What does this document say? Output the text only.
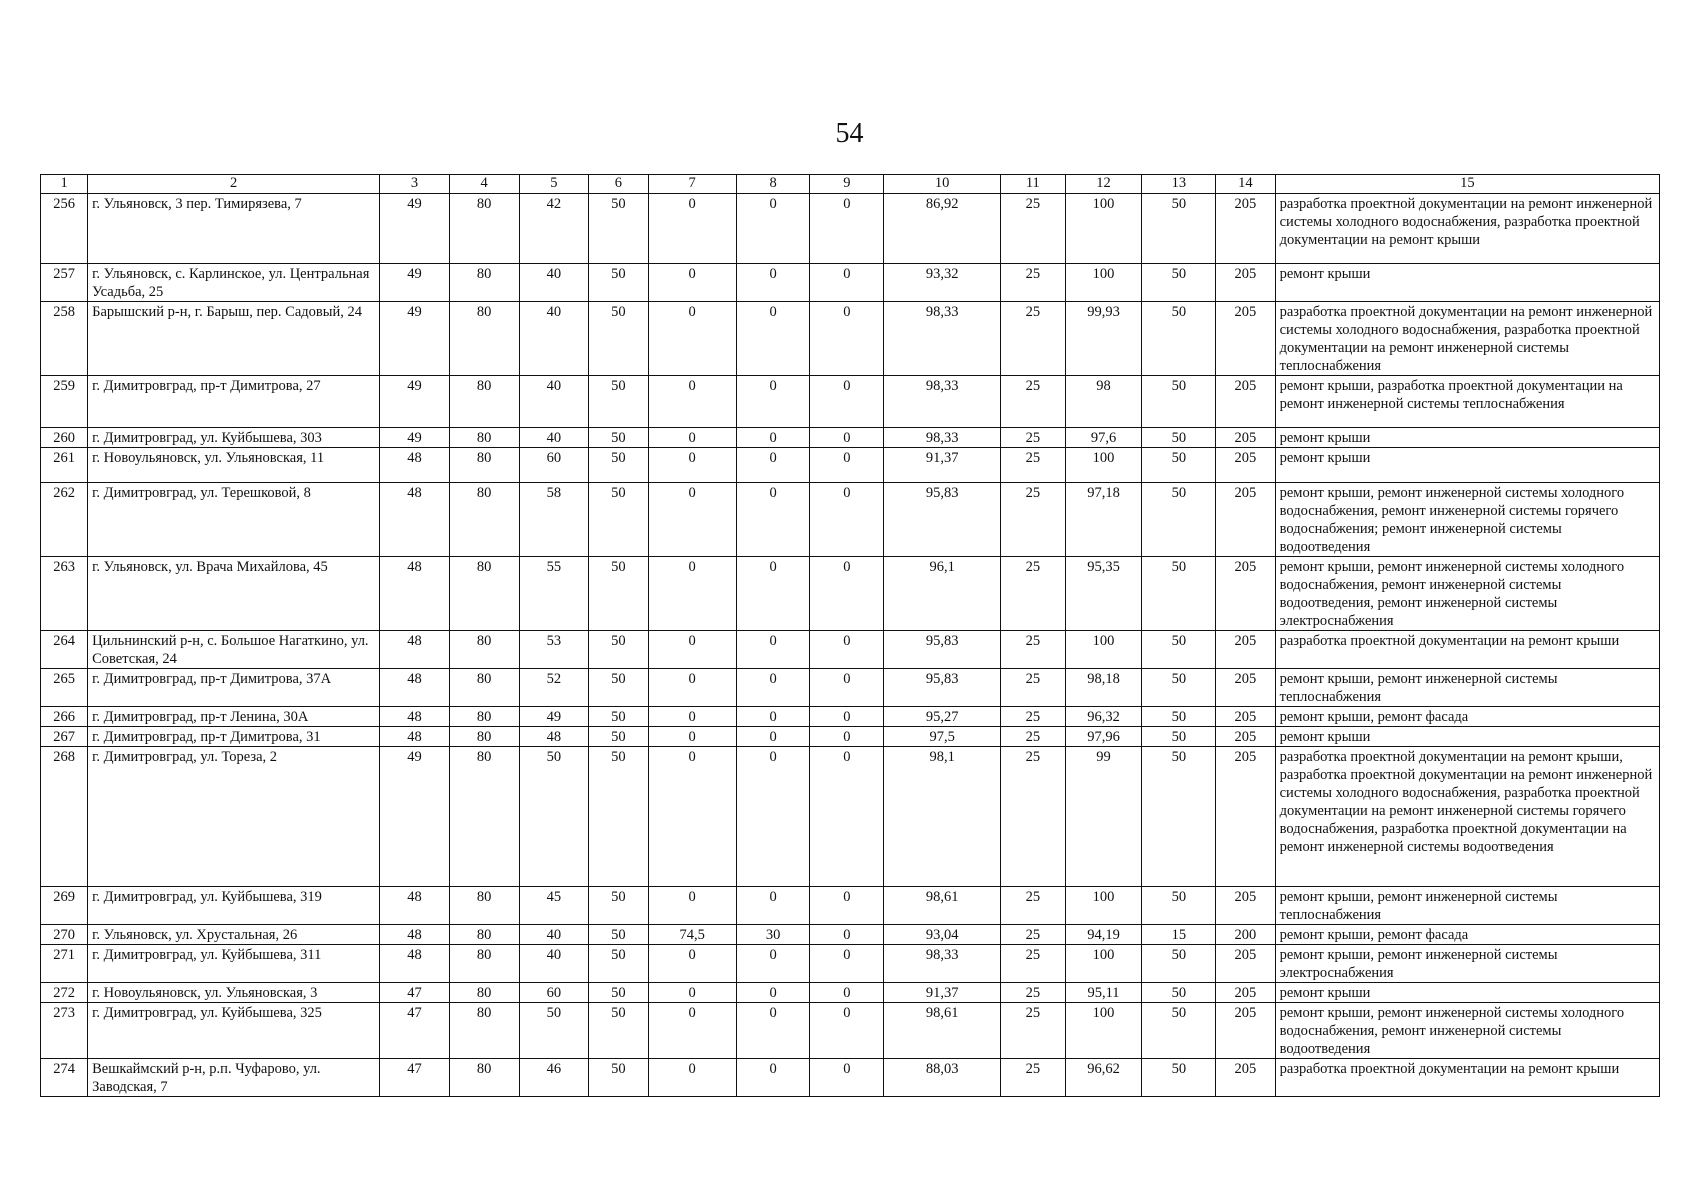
54
1	2	3	4	5	6	7	8	9	10	11	12	13	14	15
256	г. Ульяновск, 3 пер. Тимирязева, 7	49	80	42	50	0	0	0	86,92	25	100	50	205	разработка проектной документации на ремонт инженерной системы холодного водоснабжения, разработка проектной документации на ремонт крыши
257	г. Ульяновск, с. Карлинское, ул. Центральная Усадьба, 25	49	80	40	50	0	0	0	93,32	25	100	50	205	ремонт крыши
258	Барышский р-н, г. Барыш, пер. Садовый, 24	49	80	40	50	0	0	0	98,33	25	99,93	50	205	разработка проектной документации на ремонт инженерной системы холодного водоснабжения, разработка проектной документации на ремонт инженерной системы теплоснабжения
259	г. Димитровград, пр-т Димитрова, 27	49	80	40	50	0	0	0	98,33	25	98	50	205	ремонт крыши, разработка проектной документации на ремонт инженерной системы теплоснабжения
260	г. Димитровград, ул. Куйбышева, 303	49	80	40	50	0	0	0	98,33	25	97,6	50	205	ремонт крыши
261	г. Новоульяновск, ул. Ульяновская, 11	48	80	60	50	0	0	0	91,37	25	100	50	205	ремонт крыши
262	г. Димитровград, ул. Терешковой, 8	48	80	58	50	0	0	0	95,83	25	97,18	50	205	ремонт крыши, ремонт инженерной системы холодного водоснабжения, ремонт инженерной системы горячего водоснабжения; ремонт инженерной системы водоотведения
263	г. Ульяновск, ул. Врача Михайлова, 45	48	80	55	50	0	0	0	96,1	25	95,35	50	205	ремонт крыши, ремонт инженерной системы холодного водоснабжения, ремонт инженерной системы водоотведения, ремонт инженерной системы электроснабжения
264	Цильнинский р-н, с. Большое Нагаткино, ул. Советская, 24	48	80	53	50	0	0	0	95,83	25	100	50	205	разработка проектной документации на ремонт крыши
265	г. Димитровград, пр-т Димитрова, 37А	48	80	52	50	0	0	0	95,83	25	98,18	50	205	ремонт крыши, ремонт инженерной системы теплоснабжения
266	г. Димитровград, пр-т Ленина, 30А	48	80	49	50	0	0	0	95,27	25	96,32	50	205	ремонт крыши, ремонт фасада
267	г. Димитровград, пр-т Димитрова, 31	48	80	48	50	0	0	0	97,5	25	97,96	50	205	ремонт крыши
268	г. Димитровград, ул. Тореза, 2	49	80	50	50	0	0	0	98,1	25	99	50	205	разработка проектной документации на ремонт крыши, разработка проектной документации на ремонт инженерной системы холодного водоснабжения, разработка проектной документации на ремонт инженерной системы горячего водоснабжения, разработка проектной документации на ремонт инженерной системы водоотведения
269	г. Димитровград, ул. Куйбышева, 319	48	80	45	50	0	0	0	98,61	25	100	50	205	ремонт крыши, ремонт инженерной системы теплоснабжения
270	г. Ульяновск, ул. Хрустальная, 26	48	80	40	50	74,5	30	0	93,04	25	94,19	15	200	ремонт крыши, ремонт фасада
271	г. Димитровград, ул. Куйбышева, 311	48	80	40	50	0	0	0	98,33	25	100	50	205	ремонт крыши, ремонт инженерной системы электроснабжения
272	г. Новоульяновск, ул. Ульяновская, 3	47	80	60	50	0	0	0	91,37	25	95,11	50	205	ремонт крыши
273	г. Димитровград, ул. Куйбышева, 325	47	80	50	50	0	0	0	98,61	25	100	50	205	ремонт крыши, ремонт инженерной системы холодного водоснабжения, ремонт инженерной системы водоотведения
274	Вешкаймский р-н, р.п. Чуфарово, ул. Заводская, 7	47	80	46	50	0	0	0	88,03	25	96,62	50	205	разработка проектной документации на ремонт крыши
